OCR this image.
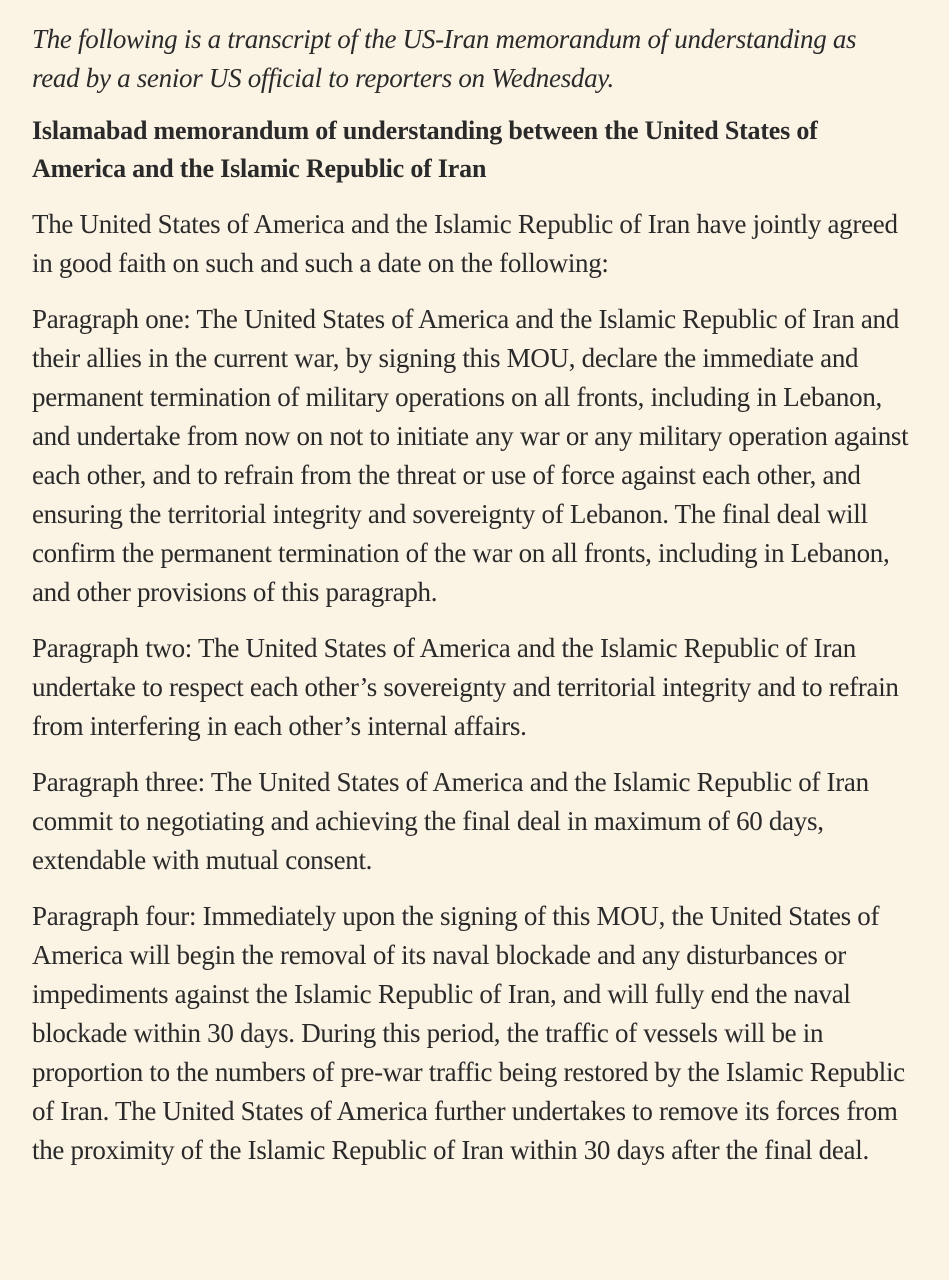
The following is a transcript of the US-Iran memorandum of understanding as read by a senior US official to reporters on Wednesday.

Islamabad memorandum of understanding between the United States of America and the Islamic Republic of Iran

The United States of America and the Islamic Republic of Iran have jointly agreed in good faith on such and such a date on the following:

Paragraph one: The United States of America and the Islamic Republic of Iran and their allies in the current war, by signing this MOU, declare the immediate and permanent termination of military operations on all fronts, including in Lebanon, and undertake from now on not to initiate any war or any military operation against each other, and to refrain from the threat or use of force against each other, and ensuring the territorial integrity and sovereignty of Lebanon. The final deal will confirm the permanent termination of the war on all fronts, including in Lebanon, and other provisions of this paragraph.

Paragraph two: The United States of America and the Islamic Republic of Iran undertake to respect each other’s sovereignty and territorial integrity and to refrain from interfering in each other’s internal affairs.

Paragraph three: The United States of America and the Islamic Republic of Iran commit to negotiating and achieving the final deal in maximum of 60 days, extendable with mutual consent.

Paragraph four: Immediately upon the signing of this MOU, the United States of America will begin the removal of its naval blockade and any disturbances or impediments against the Islamic Republic of Iran, and will fully end the naval blockade within 30 days. During this period, the traffic of vessels will be in proportion to the numbers of pre-war traffic being restored by the Islamic Republic of Iran. The United States of America further undertakes to remove its forces from the proximity of the Islamic Republic of Iran within 30 days after the final deal.
